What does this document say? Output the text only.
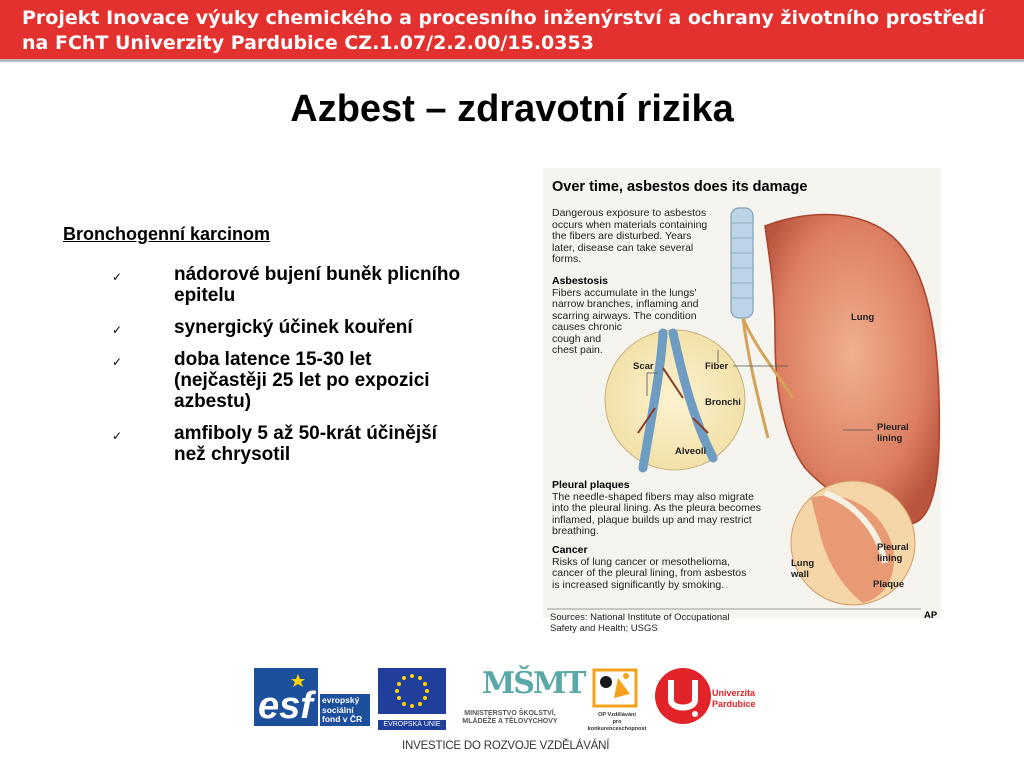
Projekt Inovace výuky chemického a procesního inženýrství a ochrany životního prostředí
na FChT Univerzity Pardubice CZ.1.07/2.2.00/15.0353
Azbest – zdravotní rizika
Bronchogenní karcinom
✓	nádorové bujení buněk plicního
epitelu
✓	synergický účinek kouření
✓	doba latence 15-30 let
(nejčastěji 25 let po expozici
azbestu)
✓	amfiboly 5 až 50-krát účinější
než chrysotil
Over time, asbestos does its damage
Dangerous exposure to asbestos
occurs when materials containing
the fibers are disturbed. Years
later, disease can take several
forms.
Asbestosis
Fibers accumulate in the lungs'
narrow branches, inflaming and
scarring airways. The condition
causes chronic
cough and
chest pain.
Pleural plaques
The needle-shaped fibers may also migrate
into the pleural lining. As the pleura becomes
inflamed, plaque builds up and may restrict
breathing.
Cancer
Risks of lung cancer or mesothelioma,
cancer of the pleural lining, from asbestos
is increased significantly by smoking.
Lung
Scar	Fiber
Bronchi
Alveoli
Pleural
lining
Pleural
lining
Lung
wall
Plaque
Sources: National Institute of Occupational
Safety and Health; USGS
AP
esf	evropský
sociální
fond v ČR
EVROPSKÁ UNIE
MŠMT
MINISTERSTVO ŠKOLSTVÍ,
MLÁDEŽE A TĚLOVÝCHOVY
OP Vzdělávání
pro konkurenceschopnost
Univerzita
Pardubice
INVESTICE DO ROZVOJE VZDĚLÁVÁNÍ
